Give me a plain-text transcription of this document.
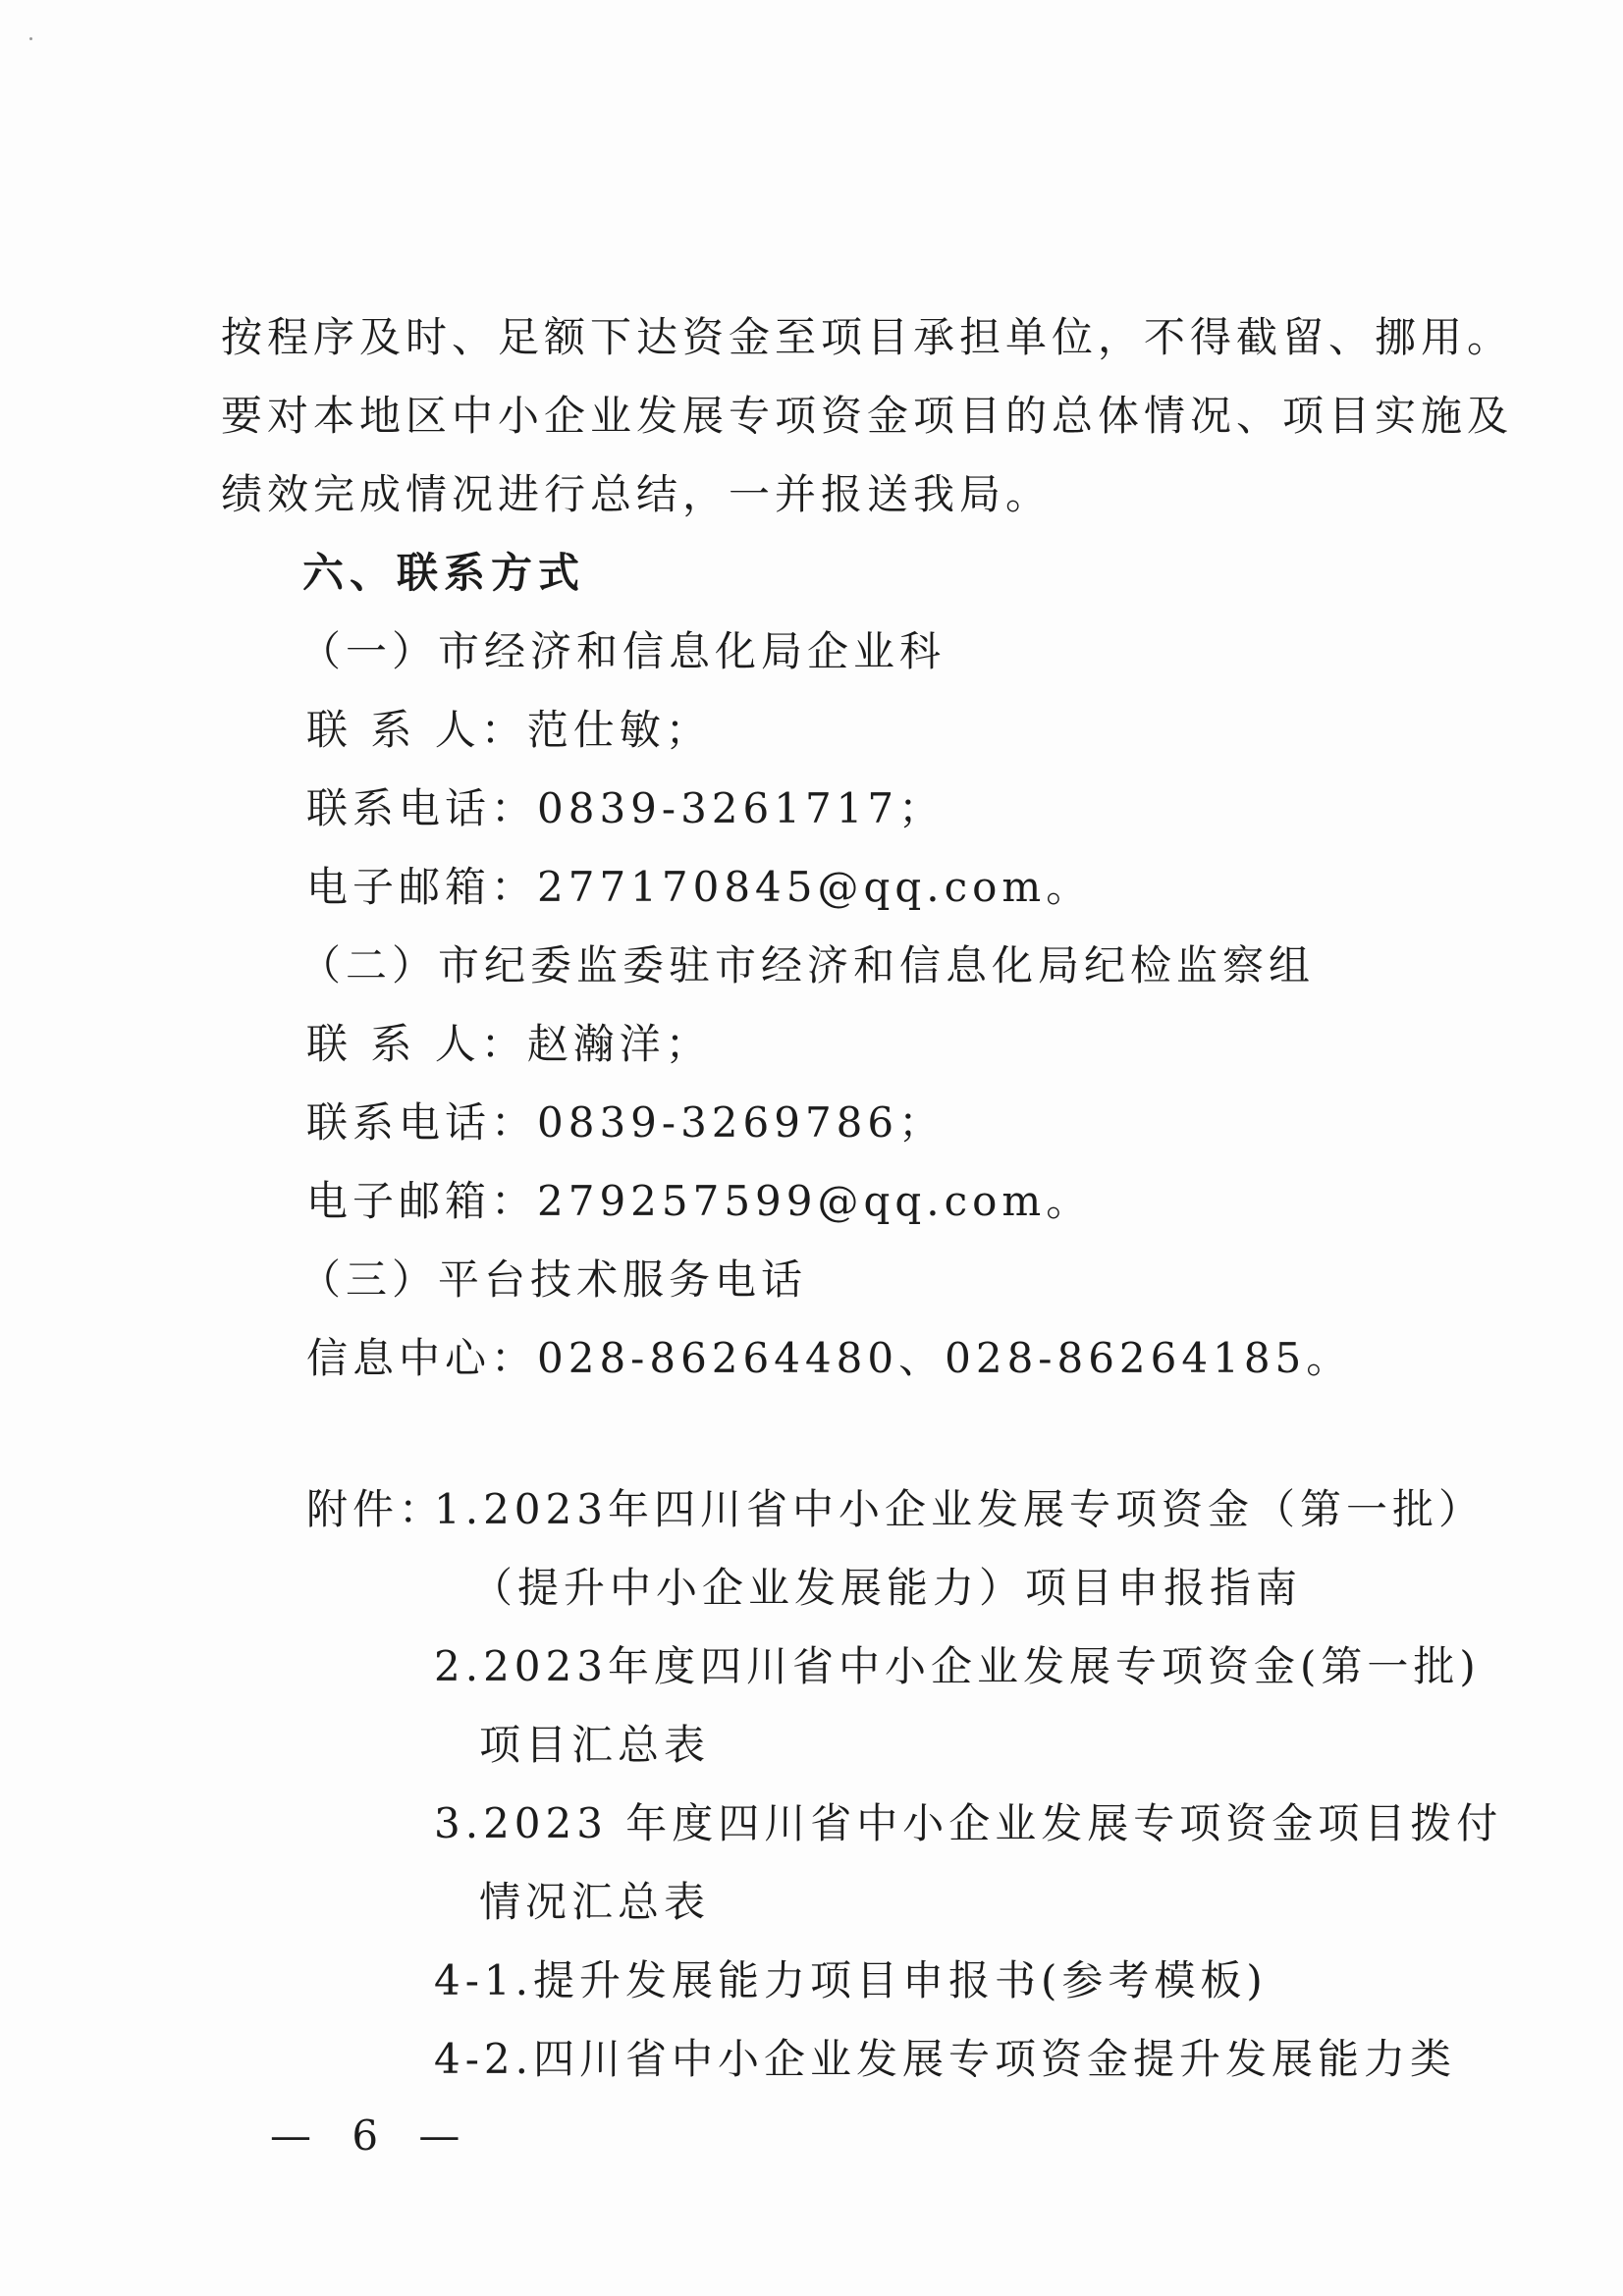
按程序及时、足额下达资金至项目承担单位，不得截留、挪用。
要对本地区中小企业发展专项资金项目的总体情况、项目实施及
绩效完成情况进行总结，一并报送我局。
六、联系方式
（一）市经济和信息化局企业科
联 系 人：范仕敏；
联系电话：0839-3261717；
电子邮箱：277170845@qq.com。
（二）市纪委监委驻市经济和信息化局纪检监察组
联 系 人：赵瀚洋；
联系电话：0839-3269786；
电子邮箱：279257599@qq.com。
（三）平台技术服务电话
信息中心：028-86264480、028-86264185。
附件：
1.2023年四川省中小企业发展专项资金（第一批）
（提升中小企业发展能力）项目申报指南
2.2023年度四川省中小企业发展专项资金(第一批)
项目汇总表
3.2023 年度四川省中小企业发展专项资金项目拨付
情况汇总表
4-1.提升发展能力项目申报书(参考模板)
4-2.四川省中小企业发展专项资金提升发展能力类
— 6 —
